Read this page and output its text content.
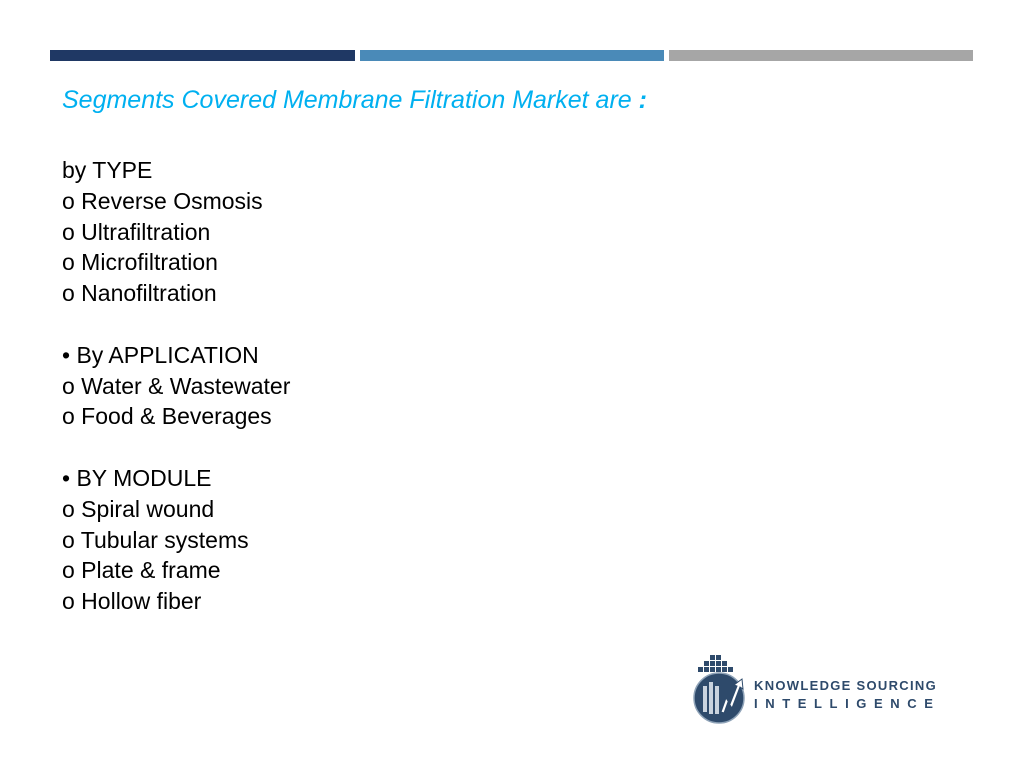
Segments Covered Membrane Filtration Market are :
by TYPE
o Reverse Osmosis
o Ultrafiltration
o Microfiltration
o Nanofiltration
• By APPLICATION
o Water & Wastewater
o Food & Beverages
• BY MODULE
o Spiral wound
o Tubular systems
o Plate & frame
o Hollow fiber
KNOWLEDGE SOURCING
INTELLIGENCE
